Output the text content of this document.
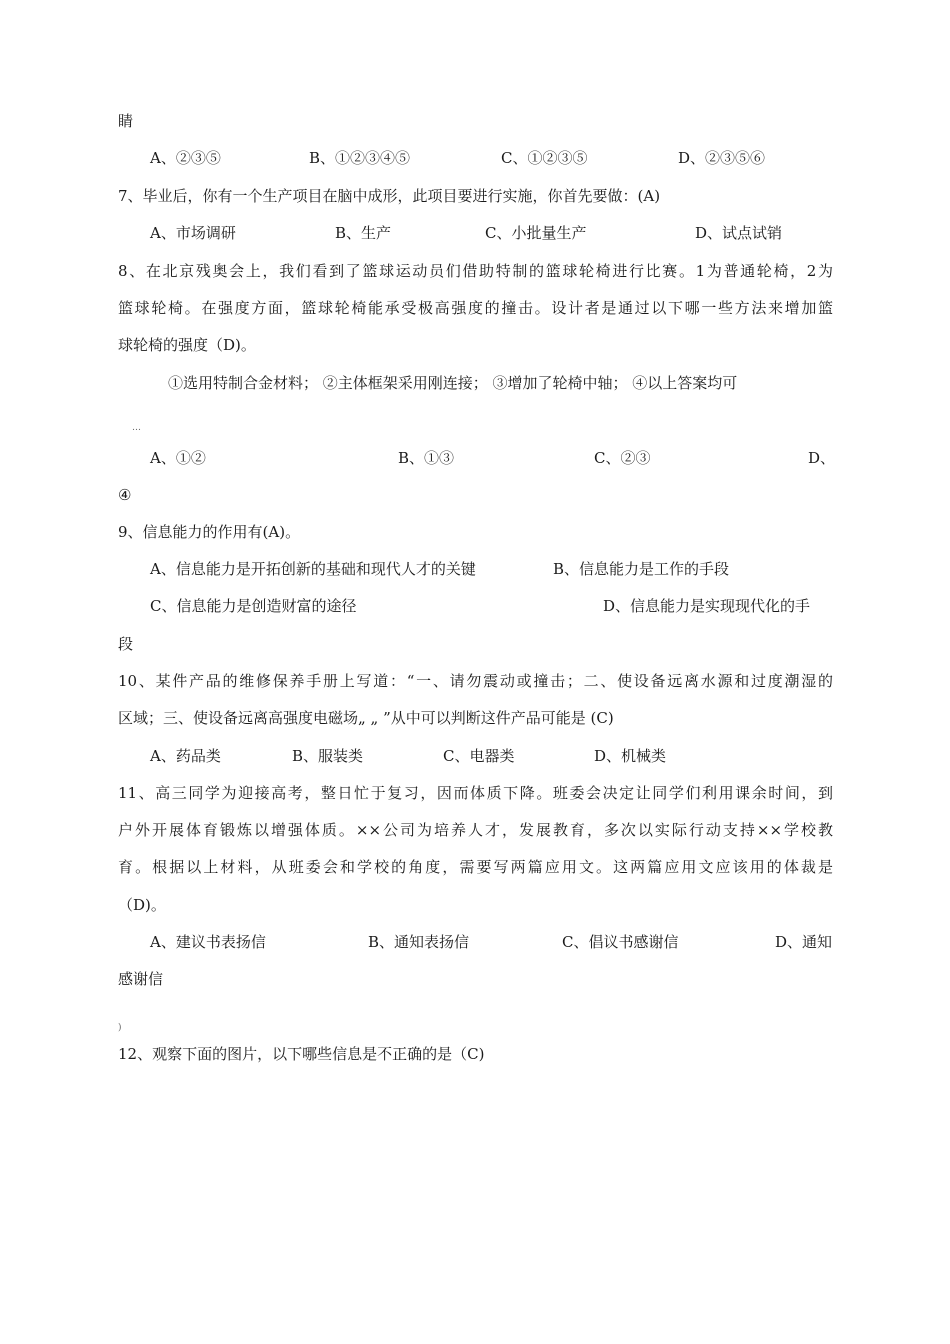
睛
A、②③⑤	B、①②③④⑤	C、①②③⑤	D、②③⑤⑥
7、毕业后，你有一个生产项目在脑中成形，此项目要进行实施，你首先要做：(A)
A、市场调研	B、生产	C、小批量生产	D、试点试销
8、在北京残奥会上，我们看到了篮球运动员们借助特制的篮球轮椅进行比赛。1为普通轮椅，2为
篮球轮椅。在强度方面，篮球轮椅能承受极高强度的撞击。设计者是通过以下哪一些方法来增加篮
球轮椅的强度（D)。
①选用特制合金材料； ②主体框架采用刚连接； ③增加了轮椅中轴； ④以上答案均可
…
A、①②	B、①③	C、②③	D、
④
9、信息能力的作用有(A)。
A、信息能力是开拓创新的基础和现代人才的关键	B、信息能力是工作的手段
C、信息能力是创造财富的途径	D、信息能力是实现现代化的手
段
10、某件产品的维修保养手册上写道：“一、请勿震动或撞击；二、使设备远离水源和过度潮湿的
区域；三、使设备远离高强度电磁场„ „ ”从中可以判断这件产品可能是 (C)
A、药品类	B、服装类	C、电器类	D、机械类
11、高三同学为迎接高考，整日忙于复习，因而体质下降。班委会决定让同学们利用课余时间，到
户外开展体育锻炼以增强体质。××公司为培养人才，发展教育，多次以实际行动支持××学校教
育。根据以上材料，从班委会和学校的角度，需要写两篇应用文。这两篇应用文应该用的体裁是
（D)。
A、建议书表扬信	B、通知表扬信	C、倡议书感谢信	D、通知
感谢信
)
12、观察下面的图片，以下哪些信息是不正确的是（C)
